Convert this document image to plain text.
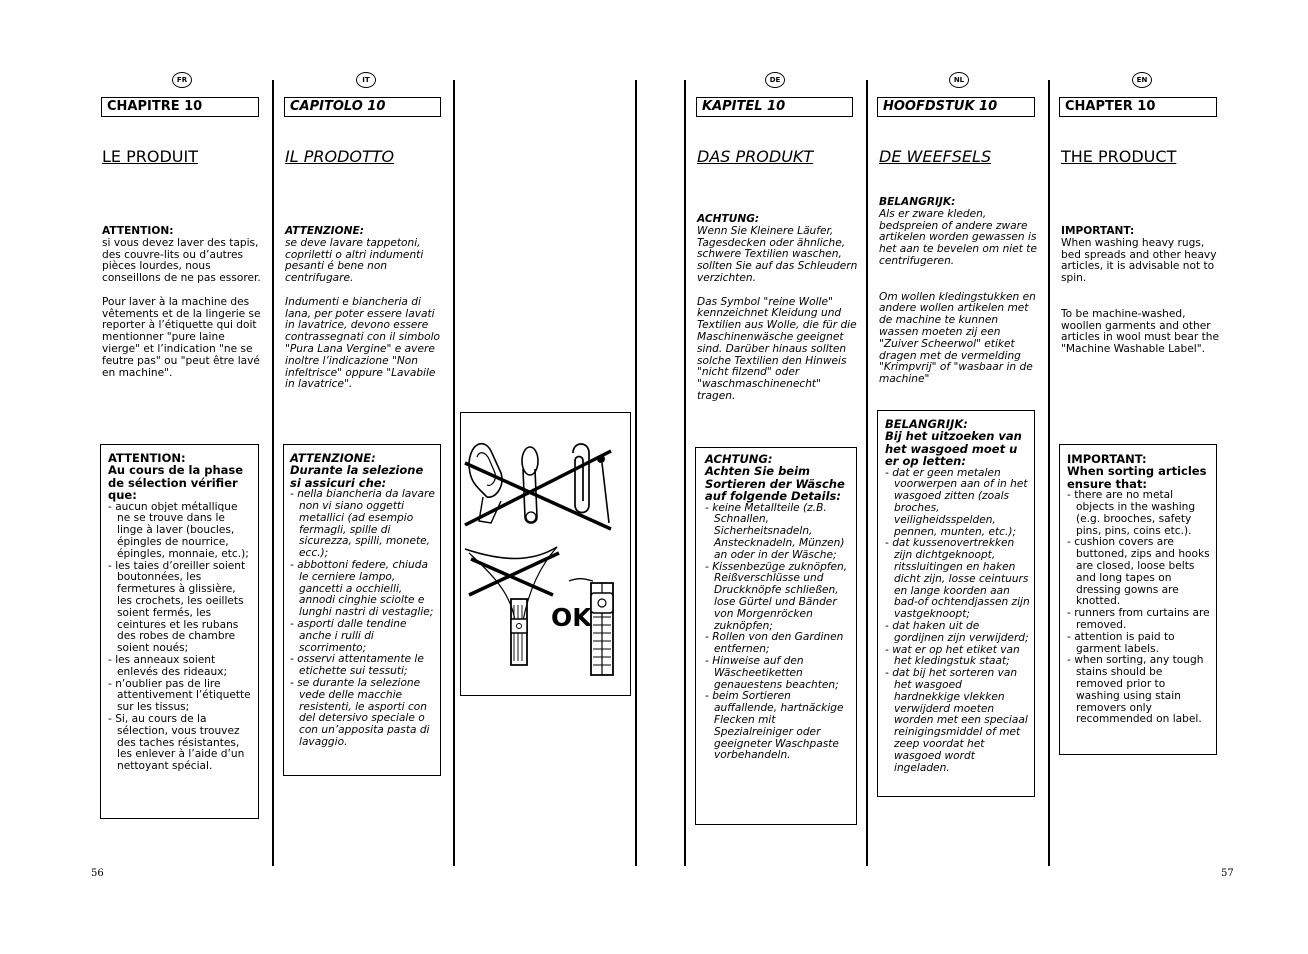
FR
CHAPITRE 10
LE PRODUIT

ATTENTION:

si vous devez laver des tapis, des couvre-lits ou d’autres pièces lourdes, nous conseillons de ne pas essorer.

Pour laver à la machine des vêtements et de la lingerie se reporter à l’étiquette qui doit mentionner "pure laine vierge" et l’indication "ne se feutre pas" ou "peut être lavé en machine".

ATTENTION:
Au cours de la phase de sélection vérifier que:
- aucun objet métallique ne se trouve dans le linge à laver (boucles, épingles de nourrice, épingles, monnaie, etc.);
- les taies d’oreiller soient boutonnées, les fermetures à glissière, les crochets, les oeillets soient fermés, les ceintures et les rubans des robes de chambre soient noués;
- les anneaux soient enlevés des rideaux;
- n’oublier pas de lire attentivement l’étiquette sur les tissus;
- Si, au cours de la sélection, vous trouvez des taches résistantes, les enlever à l’aide d’un nettoyant spécial.
IT
CAPITOLO 10
IL PRODOTTO

ATTENZIONE:

se deve lavare tappetoni, copriletti o altri indumenti pesanti é bene non centrifugare.

Indumenti e biancheria di lana, per poter essere lavati in lavatrice, devono essere contrassegnati con il simbolo "Pura Lana Vergine" e avere inoltre l’indicazione "Non infeltrisce" oppure "Lavabile in lavatrice".

ATTENZIONE:
Durante la selezione si assicuri che:
- nella biancheria da lavare non vi siano oggetti metallici (ad esempio fermagli, spille di sicurezza, spilli, monete, ecc.);
- abbottoni federe, chiuda le cerniere lampo, gancetti a occhielli, annodi cinghie sciolte e lunghi nastri di vestaglie;
- asporti dalle tendine anche i rulli di scorrimento;
- osservi attentamente le etichette sui tessuti;
- se durante la selezione vede delle macchie resistenti, le asporti con del detersivo speciale o con un’apposita pasta di lavaggio.
OK
DE
KAPITEL 10
DAS PRODUKT

ACHTUNG:

Wenn Sie Kleinere Läufer, Tagesdecken oder ähnliche, schwere Textilien waschen, sollten Sie auf das Schleudern verzichten.

Das Symbol "reine Wolle" kennzeichnet Kleidung und Textilien aus Wolle, die für die Maschinenwäsche geeignet sind. Darüber hinaus sollten solche Textilien den Hinweis "nicht filzend" oder "waschmaschinenecht" tragen.

ACHTUNG:
Achten Sie beim Sortieren der Wäsche auf folgende Details:
- keine Metallteile (z.B. Schnallen, Sicherheitsnadeln, Anstecknadeln, Münzen) an oder in der Wäsche;
- Kissenbezüge zuknöpfen, Reißverschlüsse und Druckknöpfe schließen, lose Gürtel und Bänder von Morgenröcken zuknöpfen;
- Rollen von den Gardinen entfernen;
- Hinweise auf den Wäscheetiketten genauestens beachten;
- beim Sortieren auffallende, hartnäckige Flecken mit Spezialreiniger oder geeigneter Waschpaste vorbehandeln.
NL
HOOFDSTUK 10
DE WEEFSELS

BELANGRIJK:

Als er zware kleden, bedspreien of andere zware artikelen worden gewassen is het aan te bevelen om niet te centrifugeren.

Om wollen kledingstukken en andere wollen artikelen met de machine te kunnen wassen moeten zij een "Zuiver Scheerwol" etiket dragen met de vermelding "Krimpvrij" of "wasbaar in de machine"

BELANGRIJK:
Bij het uitzoeken van het wasgoed moet u er op letten:
- dat er geen metalen voorwerpen aan of in het wasgoed zitten (zoals broches, veiligheidsspelden, pennen, munten, etc.);
- dat kussenovertrekken zijn dichtgeknoopt, ritssluitingen en haken dicht zijn, losse ceintuurs en lange koorden aan bad-of ochtendjassen zijn vastgeknoopt;
- dat haken uit de gordijnen zijn verwijderd;
- wat er op het etiket van het kledingstuk staat;
- dat bij het sorteren van het wasgoed hardnekkige vlekken verwijderd moeten worden met een speciaal reinigingsmiddel of met zeep voordat het wasgoed wordt ingeladen.
EN
CHAPTER 10
THE PRODUCT

IMPORTANT:

When washing heavy rugs, bed spreads and other heavy articles, it is advisable not to spin.

To be machine-washed, woollen garments and other articles in wool must bear the "Machine Washable Label".

IMPORTANT:
When sorting articles ensure that:
- there are no metal objects in the washing (e.g. brooches, safety pins, pins, coins etc.).
- cushion covers are buttoned, zips and hooks are closed, loose belts and long tapes on dressing gowns are knotted.
- runners from curtains are removed.
- attention is paid to garment labels.
- when sorting, any tough stains should be removed prior to washing using stain removers only recommended on label.
56	57
